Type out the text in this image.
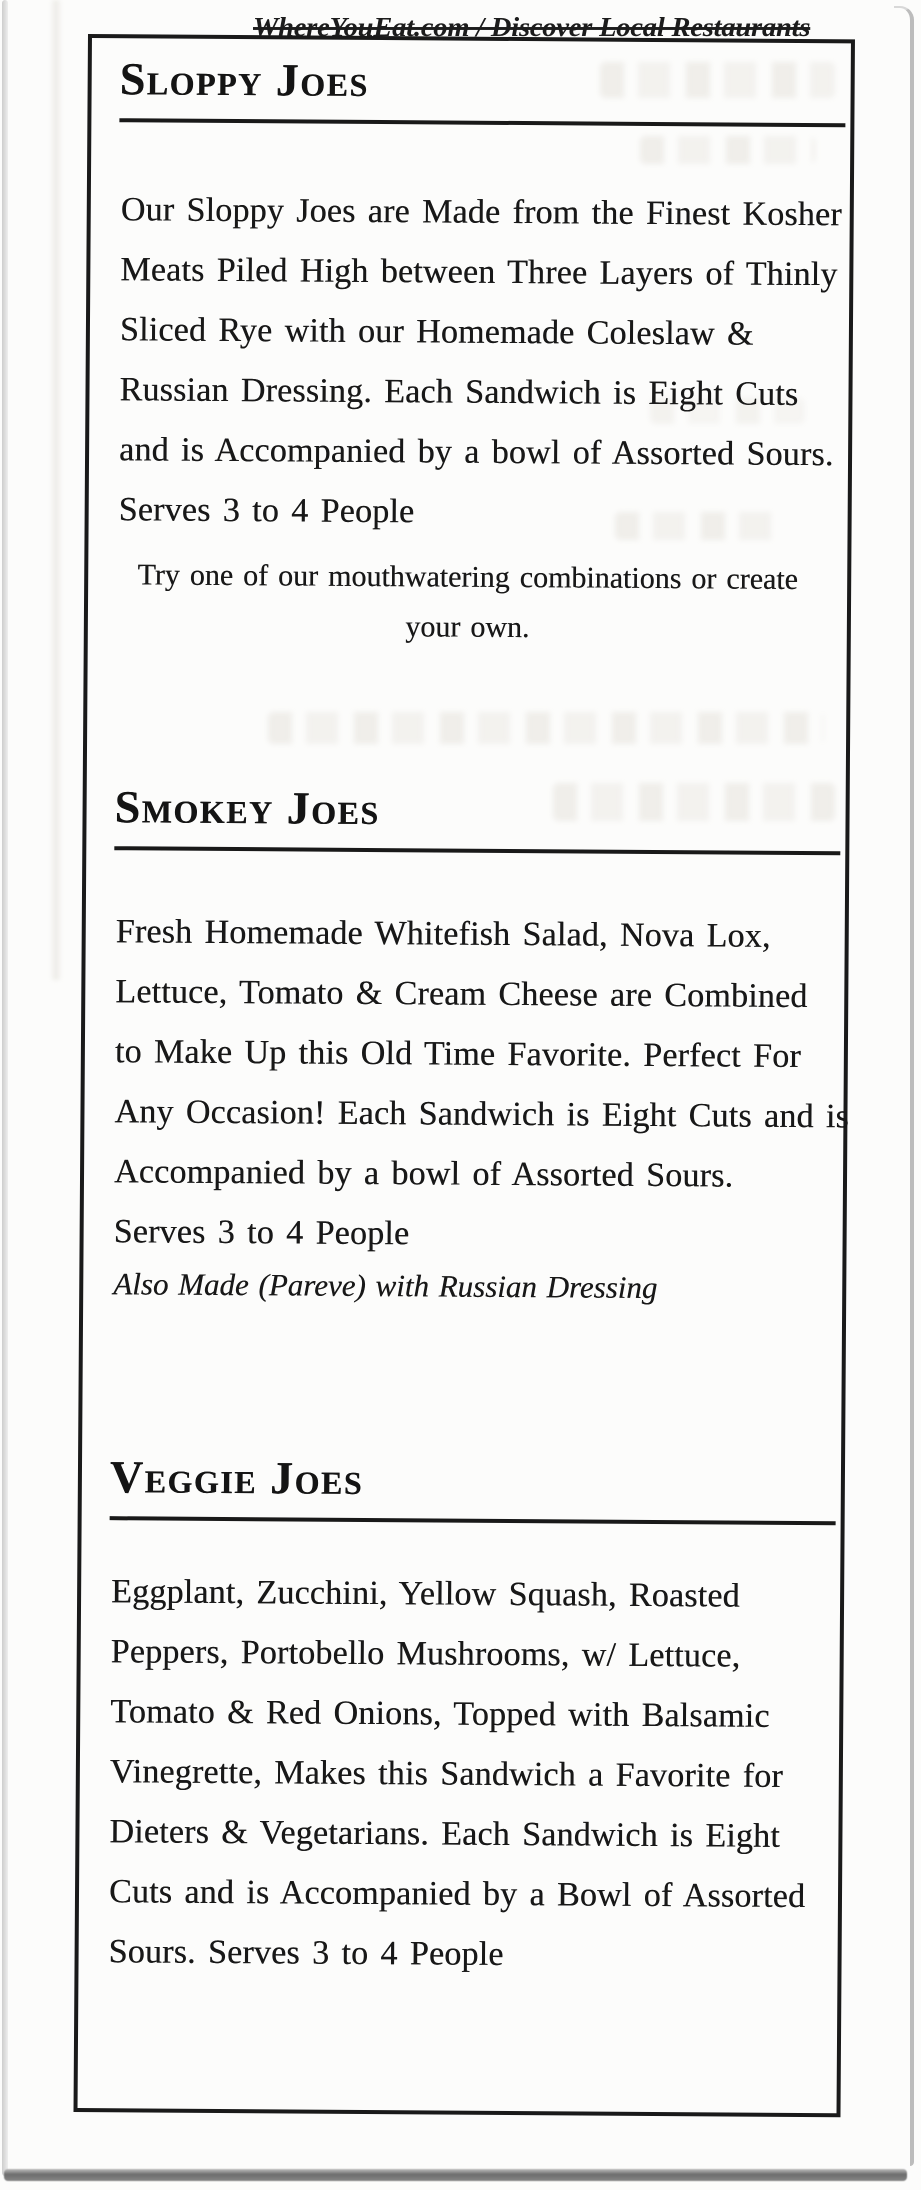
WhereYouEat.com / Discover Local Restaurants
Sloppy Joes
Our Sloppy Joes are Made from the Finest Kosher
Meats Piled High between Three Layers of Thinly
Sliced Rye with our Homemade Coleslaw &
Russian Dressing. Each Sandwich is Eight Cuts
and is Accompanied by a bowl of Assorted Sours.
Serves 3 to 4 People
Try one of our mouthwatering combinations or create
your own.
Smokey Joes
Fresh Homemade Whitefish Salad, Nova Lox,
Lettuce, Tomato & Cream Cheese are Combined
to Make Up this Old Time Favorite. Perfect For
Any Occasion! Each Sandwich is Eight Cuts and is
Accompanied by a bowl of Assorted Sours.
Serves 3 to 4 People
Also Made (Pareve) with Russian Dressing
Veggie Joes
Eggplant, Zucchini, Yellow Squash, Roasted
Peppers, Portobello Mushrooms, w/ Lettuce,
Tomato & Red Onions, Topped with Balsamic
Vinegrette, Makes this Sandwich a Favorite for
Dieters & Vegetarians. Each Sandwich is Eight
Cuts and is Accompanied by a Bowl of Assorted
Sours. Serves 3 to 4 People
